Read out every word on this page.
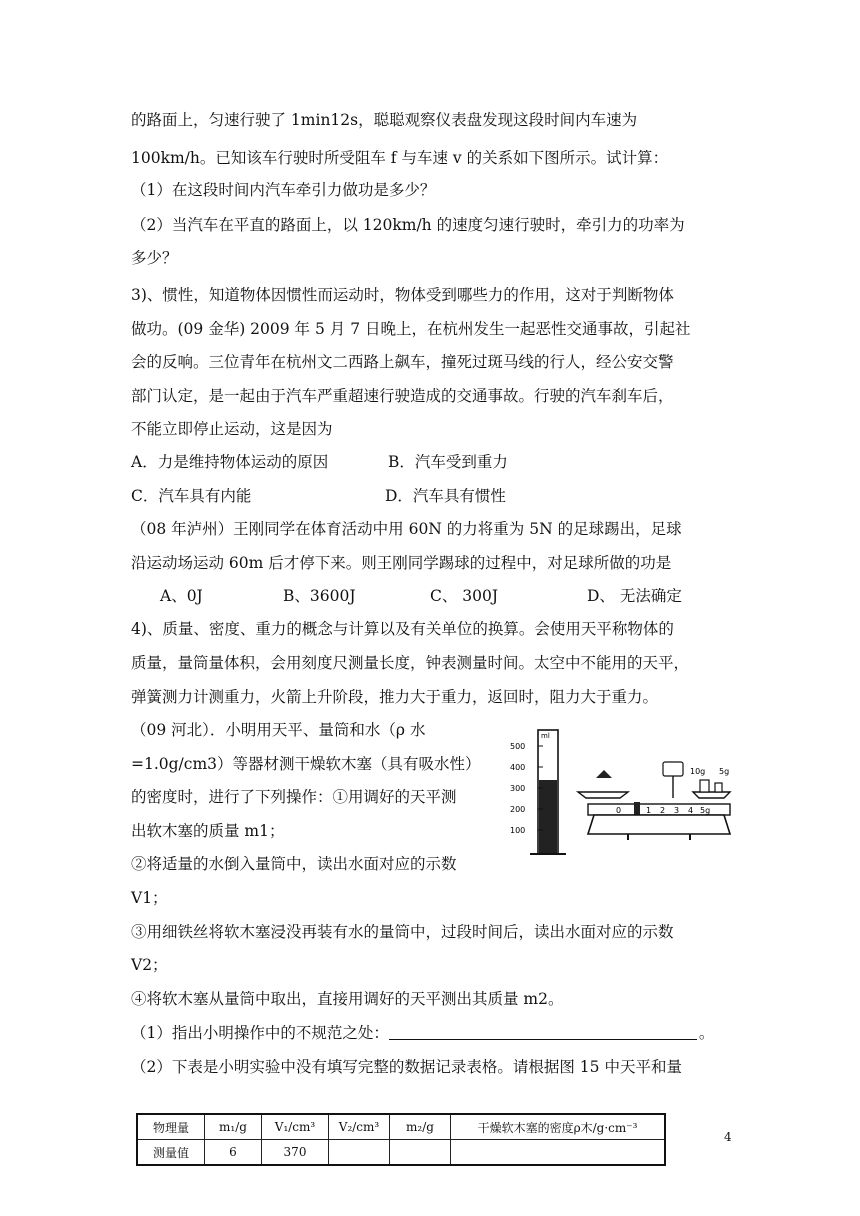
的路面上，匀速行驶了 1min12s，聪聪观察仪表盘发现这段时间内车速为
100km/h。已知该车行驶时所受阻车 f 与车速 v 的关系如下图所示。试计算：
（1）在这段时间内汽车牵引力做功是多少？
（2）当汽车在平直的路面上，以 120km/h 的速度匀速行驶时，牵引力的功率为
多少？
3)、惯性，知道物体因惯性而运动时，物体受到哪些力的作用，这对于判断物体
做功。(09 金华) 2009 年 5 月 7 日晚上，在杭州发生一起恶性交通事故，引起社
会的反响。三位青年在杭州文二西路上飙车，撞死过斑马线的行人，经公安交警
部门认定，是一起由于汽车严重超速行驶造成的交通事故。行驶的汽车刹车后，
不能立即停止运动，这是因为
A．力是维持物体运动的原因	B．汽车受到重力
C．汽车具有内能	D．汽车具有惯性
（08 年泸州）王刚同学在体育活动中用 60N 的力将重为 5N 的足球踢出，足球
沿运动场运动 60m 后才停下来。则王刚同学踢球的过程中，对足球所做的功是
A、0J	B、3600J	C、 300J	D、 无法确定
4)、质量、密度、重力的概念与计算以及有关单位的换算。会使用天平称物体的
质量，量筒量体积，会用刻度尺测量长度，钟表测量时间。太空中不能用的天平，
弹簧测力计测重力，火箭上升阶段，推力大于重力，返回时，阻力大于重力。
（09 河北）．小明用天平、量筒和水（ρ 水
=1.0g/cm3）等器材测干燥软木塞（具有吸水性）
的密度时，进行了下列操作：①用调好的天平测
出软木塞的质量 m1；
②将适量的水倒入量筒中，读出水面对应的示数
V1；
ml
500
400
300
200
100
0	1 2 3 4 5g
10g 5g
③用细铁丝将软木塞浸没再装有水的量筒中，过段时间后，读出水面对应的示数
V2；
④将软木塞从量筒中取出，直接用调好的天平测出其质量 m2。
（1）指出小明操作中的不规范之处：	。
（2）下表是小明实验中没有填写完整的数据记录表格。请根据图 15 中天平和量
物理量	m₁/g	V₁/cm³	V₂/cm³	m₂/g	干燥软木塞的密度ρ木/g·cm⁻³
测量值	6	370			
4
